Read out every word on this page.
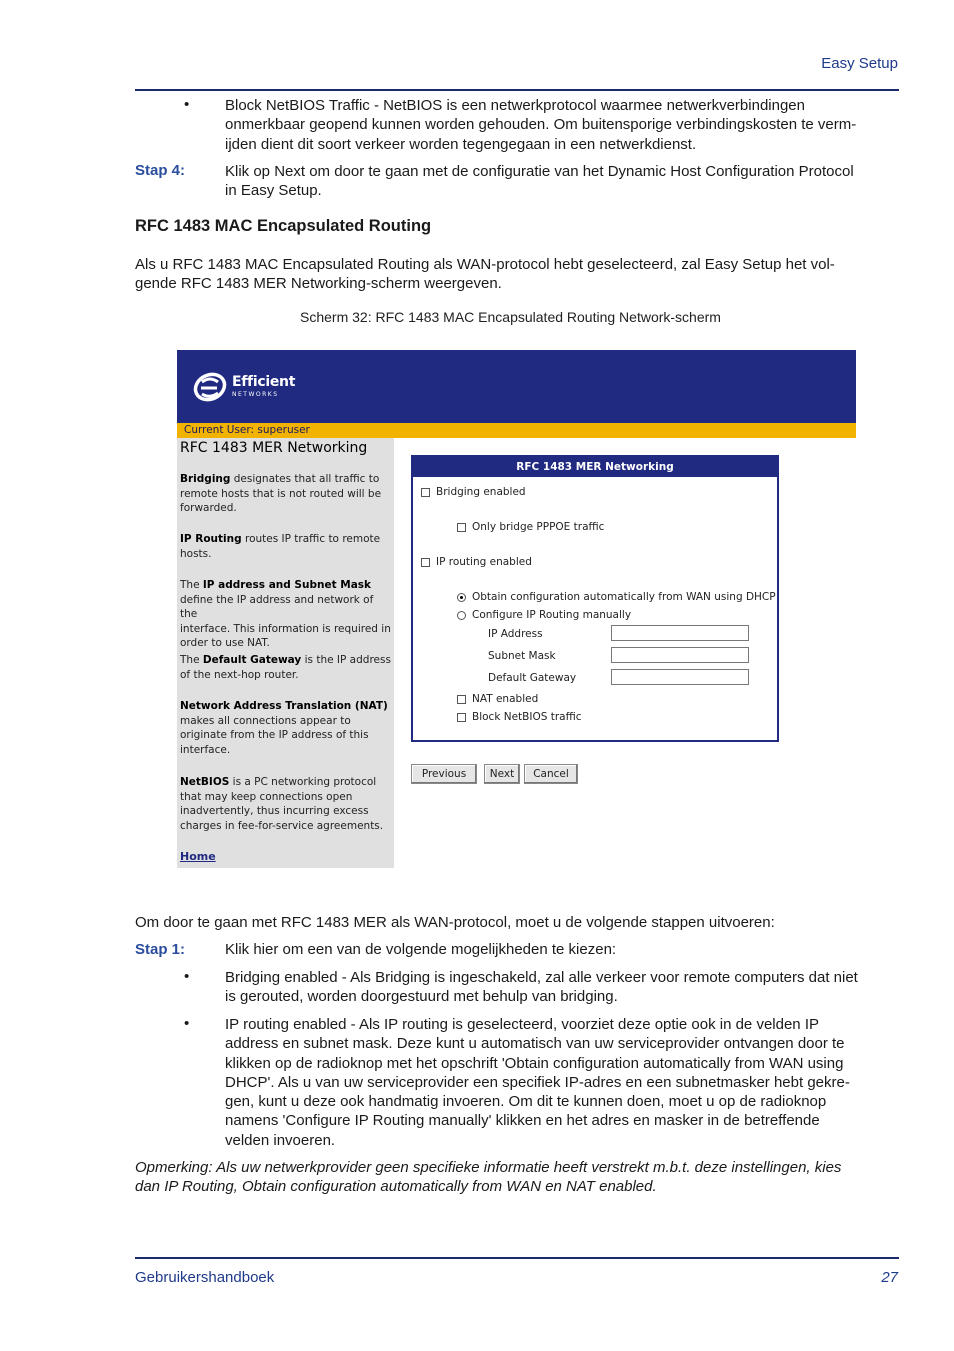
Easy Setup
• Block NetBIOS Traffic - NetBIOS is een netwerkprotocol waarmee netwerkverbindingen
onmerkbaar geopend kunnen worden gehouden. Om buitensporige verbindingskosten te verm-
ijden dient dit soort verkeer worden tegengegaan in een netwerkdienst.
Stap 4:	Klik op Next om door te gaan met de configuratie van het Dynamic Host Configuration Protocol
in Easy Setup.
RFC 1483 MAC Encapsulated Routing
Als u RFC 1483 MAC Encapsulated Routing als WAN-protocol hebt geselecteerd, zal Easy Setup het vol-
gende RFC 1483 MER Networking-scherm weergeven.
Scherm 32: RFC 1483 MAC Encapsulated Routing Network-scherm
Efficient
NETWORKS
Current User: superuser
RFC 1483 MER Networking
Bridging designates that all traffic to
remote hosts that is not routed will be
forwarded.
IP Routing routes IP traffic to remote
hosts.
The IP address and Subnet Mask
define the IP address and network of the
interface. This information is required in
order to use NAT.
The Default Gateway is the IP address
of the next-hop router.
Network Address Translation (NAT)
makes all connections appear to
originate from the IP address of this
interface.
NetBIOS is a PC networking protocol
that may keep connections open
inadvertently, thus incurring excess
charges in fee-for-service agreements.
Home
RFC 1483 MER Networking
Bridging enabled
Only bridge PPPOE traffic
IP routing enabled
Obtain configuration automatically from WAN using DHCP
Configure IP Routing manually
IP Address
Subnet Mask
Default Gateway
NAT enabled
Block NetBIOS traffic
Previous	Next	Cancel
Om door te gaan met RFC 1483 MER als WAN-protocol, moet u de volgende stappen uitvoeren:
Stap 1:	Klik hier om een van de volgende mogelijkheden te kiezen:
• Bridging enabled - Als Bridging is ingeschakeld, zal alle verkeer voor remote computers dat niet
is gerouted, worden doorgestuurd met behulp van bridging.
• IP routing enabled - Als IP routing is geselecteerd, voorziet deze optie ook in de velden IP
address en subnet mask. Deze kunt u automatisch van uw serviceprovider ontvangen door te
klikken op de radioknop met het opschrift 'Obtain configuration automatically from WAN using
DHCP'. Als u van uw serviceprovider een specifiek IP-adres en een subnetmasker hebt gekre-
gen, kunt u deze ook handmatig invoeren. Om dit te kunnen doen, moet u op de radioknop
namens 'Configure IP Routing manually' klikken en het adres en masker in de betreffende
velden invoeren.
Opmerking: Als uw netwerkprovider geen specifieke informatie heeft verstrekt m.b.t. deze instellingen, kies
dan IP Routing, Obtain configuration automatically from WAN en NAT enabled.
Gebruikershandboek	27
